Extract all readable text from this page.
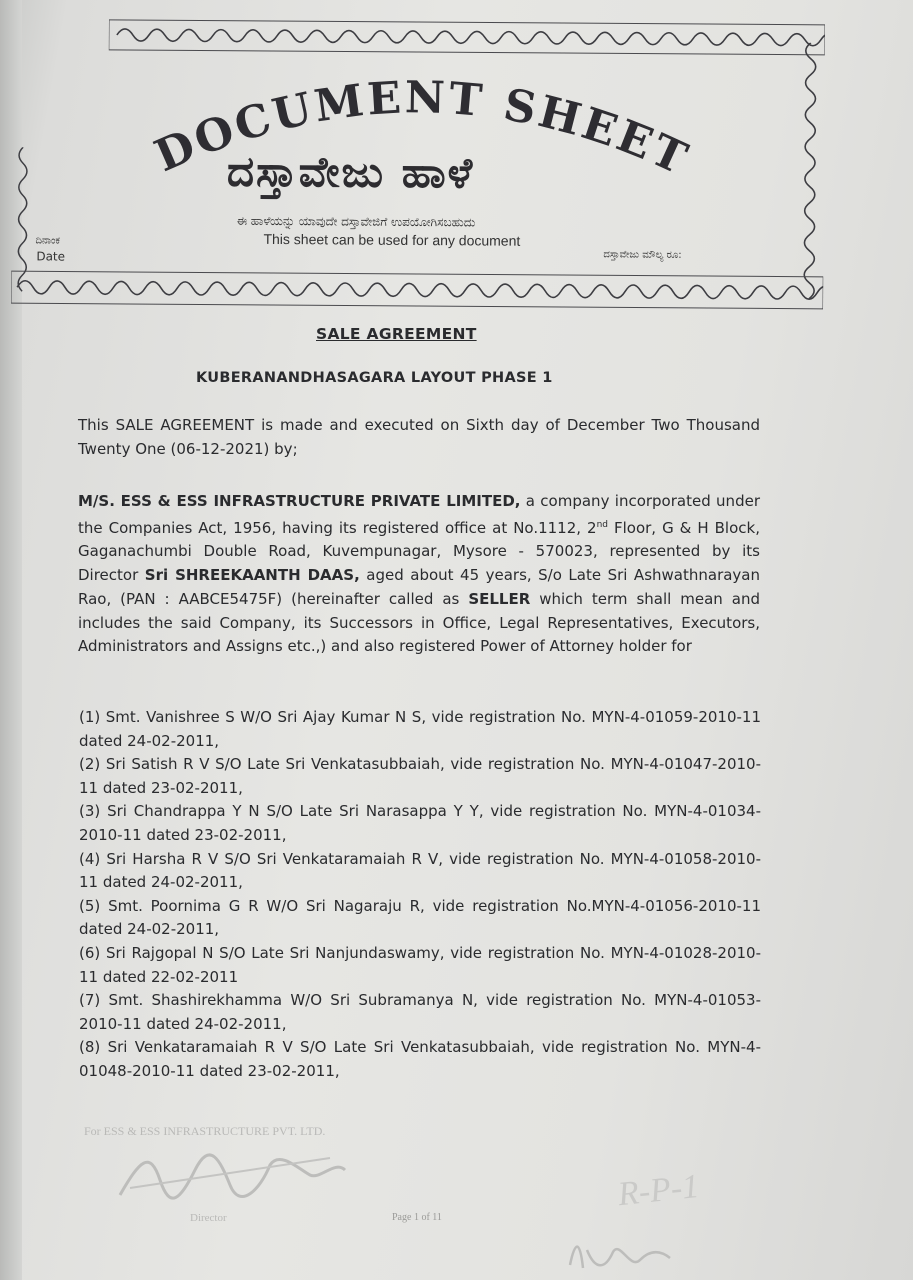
DOCUMENT SHEET
ದಸ್ತಾವೇಜು ಹಾಳೆ
ಈ ಹಾಳೆಯನ್ನು ಯಾವುದೇ ದಸ್ತಾವೇಜಿಗೆ ಉಪಯೋಗಿಸಬಹುದು
This sheet can be used for any document
ದಿನಾಂಕ
Date	ದಸ್ತಾವೇಜು ಮೌಲ್ಯ ರೂ:
SALE AGREEMENT
KUBERANANDHASAGARA LAYOUT PHASE 1
This SALE AGREEMENT is made and executed on Sixth day of December Two Thousand Twenty One (06-12-2021) by;
M/S. ESS & ESS INFRASTRUCTURE PRIVATE LIMITED, a company incorporated under the Companies Act, 1956, having its registered office at No.1112, 2nd Floor, G & H Block, Gaganachumbi Double Road, Kuvempunagar, Mysore - 570023, represented by its Director Sri SHREEKAANTH DAAS, aged about 45 years, S/o Late Sri Ashwathnarayan Rao, (PAN : AABCE5475F) (hereinafter called as SELLER which term shall mean and includes the said Company, its Successors in Office, Legal Representatives, Executors, Administrators and Assigns etc.,) and also registered Power of Attorney holder for
(1) Smt. Vanishree S W/O Sri Ajay Kumar N S, vide registration No. MYN-4-01059-2010-11 dated 24-02-2011,
(2) Sri Satish R V S/O Late Sri Venkatasubbaiah, vide registration No. MYN-4-01047-2010-11 dated 23-02-2011,
(3) Sri Chandrappa Y N S/O Late Sri Narasappa Y Y, vide registration No. MYN-4-01034-2010-11 dated 23-02-2011,
(4) Sri Harsha R V S/O Sri Venkataramaiah R V, vide registration No. MYN-4-01058-2010-11 dated 24-02-2011,
(5) Smt. Poornima G R W/O Sri Nagaraju R, vide registration No.MYN-4-01056-2010-11 dated 24-02-2011,
(6) Sri Rajgopal N S/O Late Sri Nanjundaswamy, vide registration No. MYN-4-01028-2010-11 dated 22-02-2011
(7) Smt. Shashirekhamma W/O Sri Subramanya N, vide registration No. MYN-4-01053-2010-11 dated 24-02-2011,
(8) Sri Venkataramaiah R V S/O Late Sri Venkatasubbaiah, vide registration No. MYN-4-01048-2010-11 dated 23-02-2011,
For ESS & ESS INFRASTRUCTURE PVT. LTD.
Director	Page 1 of 11
R-P-1
